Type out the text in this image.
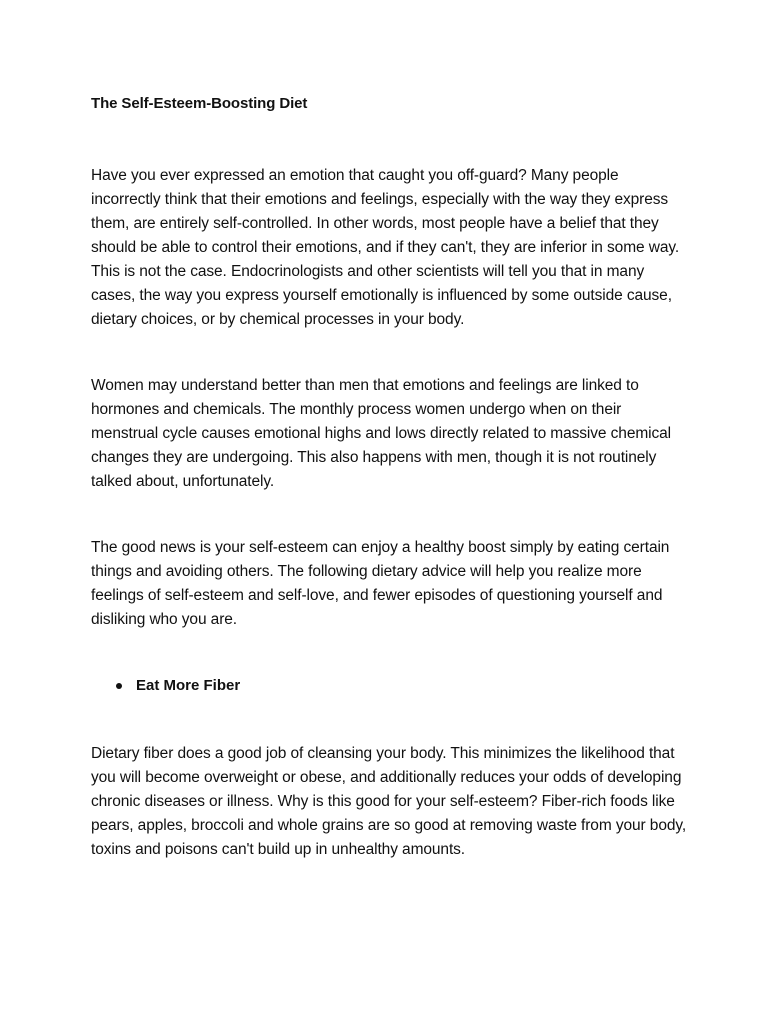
The Self-Esteem-Boosting Diet

Have you ever expressed an emotion that caught you off-guard? Many people incorrectly think that their emotions and feelings, especially with the way they express them, are entirely self-controlled. In other words, most people have a belief that they should be able to control their emotions, and if they can't, they are inferior in some way. This is not the case. Endocrinologists and other scientists will tell you that in many cases, the way you express yourself emotionally is influenced by some outside cause, dietary choices, or by chemical processes in your body.

Women may understand better than men that emotions and feelings are linked to hormones and chemicals. The monthly process women undergo when on their menstrual cycle causes emotional highs and lows directly related to massive chemical changes they are undergoing. This also happens with men, though it is not routinely talked about, unfortunately.

The good news is your self-esteem can enjoy a healthy boost simply by eating certain things and avoiding others. The following dietary advice will help you realize more feelings of self-esteem and self-love, and fewer episodes of questioning yourself and disliking who you are.

Eat More Fiber

Dietary fiber does a good job of cleansing your body. This minimizes the likelihood that you will become overweight or obese, and additionally reduces your odds of developing chronic diseases or illness. Why is this good for your self-esteem? Fiber-rich foods like pears, apples, broccoli and whole grains are so good at removing waste from your body, toxins and poisons can't build up in unhealthy amounts.
